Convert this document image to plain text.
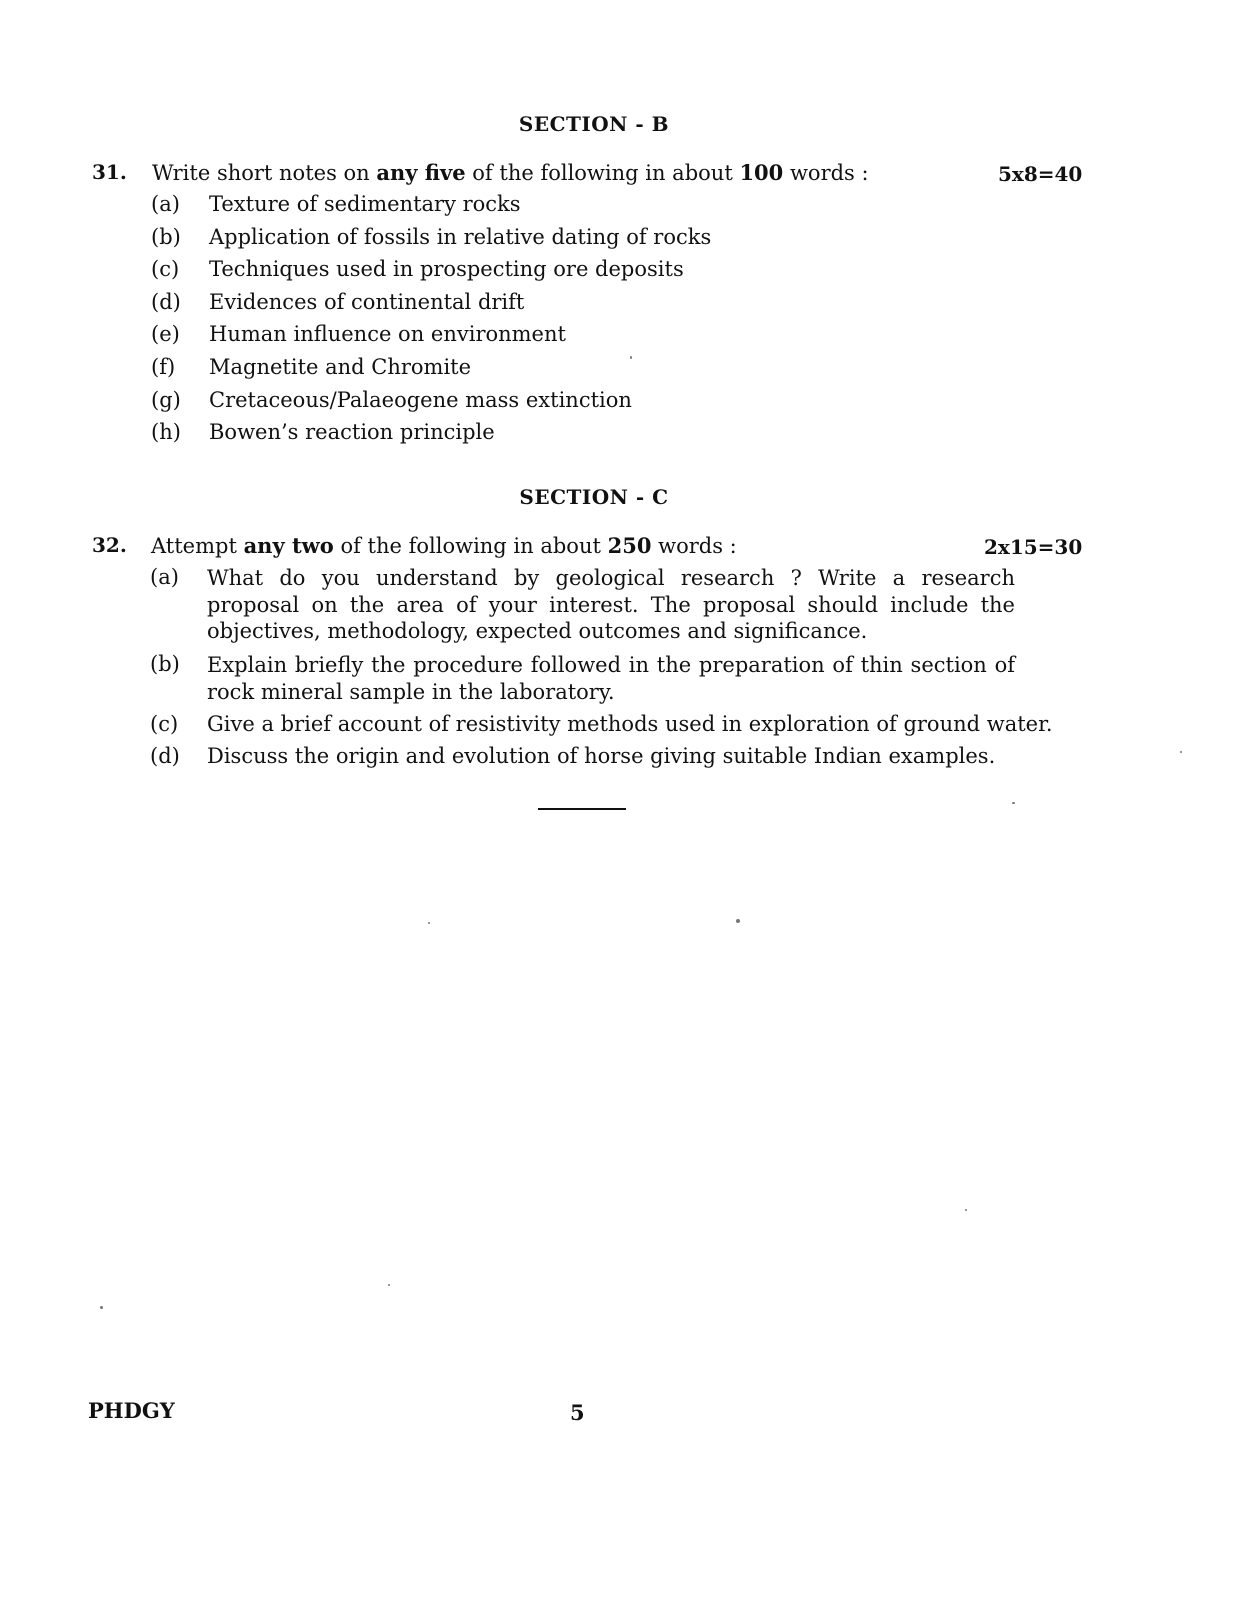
SECTION - B
31. Write short notes on any five of the following in about 100 words :	5x8=40
(a) Texture of sedimentary rocks
(b) Application of fossils in relative dating of rocks
(c) Techniques used in prospecting ore deposits
(d) Evidences of continental drift
(e) Human influence on environment
(f) Magnetite and Chromite
(g) Cretaceous/Palaeogene mass extinction
(h) Bowen’s reaction principle
SECTION - C
32. Attempt any two of the following in about 250 words :	2x15=30
(a) What do you understand by geological research ? Write a research proposal on the area of your interest. The proposal should include the objectives, methodology, expected outcomes and significance.
(b) Explain briefly the procedure followed in the preparation of thin section of rock mineral sample in the laboratory.
(c) Give a brief account of resistivity methods used in exploration of ground water.
(d) Discuss the origin and evolution of horse giving suitable Indian examples.
PHDGY	5
